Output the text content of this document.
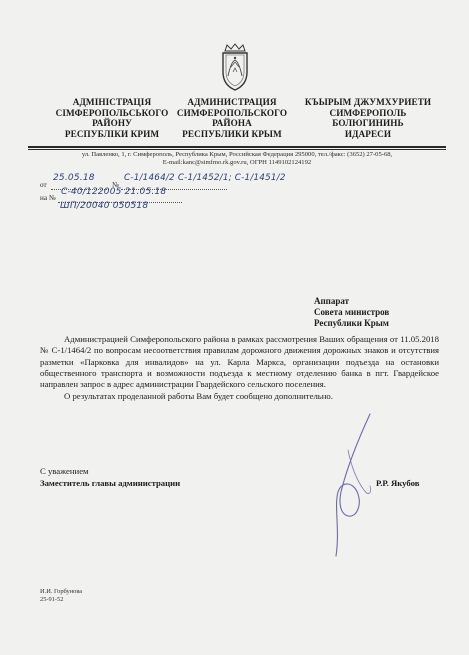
АДМІНІСТРАЦІЯ
СІМФЕРОПОЛЬСЬКОГО
РАЙОНУ
РЕСПУБЛІКИ КРИМ
АДМИНИСТРАЦИЯ
СИМФЕРОПОЛЬСКОГО
РАЙОНА
РЕСПУБЛИКИ КРЫМ
КЪЫРЫМ ДЖУМХУРИЕТИ
СИМФЕРОПОЛЬ
БОЛЮГИНИНЬ
ИДАРЕСИ
ул. Павленко, 1, г. Симферополь, Республика Крым, Российская Федерация 295000, тел./факс: (3652) 27-05-68,
E-mail:kanc@simfmo.rk.gov.ru, ОГРН 1149102124192
от	№
25.05.18	С-1/1464/2 С-1/1452/1; С-1/1451/2
на №
С-40/122005 21.05.18
ШП/20040 050518
Аппарат
Совета министров
Республики Крым

Администрацией Симферопольского района в рамках рассмотрения Ваших обращения от 11.05.2018 № С-1/1464/2 по вопросам несоответствия правилам дорожного движения дорожных знаков и отсутствия разметки «Парковка для инвалидов» на ул. Карла Маркса, организации подъезда на остановки общественного транспорта и возможности подъезда к местному отделению банка в пгт. Гвардейское направлен запрос в адрес администрации Гвардейского сельского поселения.

О результатах проделанной работы Вам будет сообщено дополнительно.

С уважением
Заместитель главы администрации	Р.Р. Якубов
И.И. Горбунова
25-91-52
